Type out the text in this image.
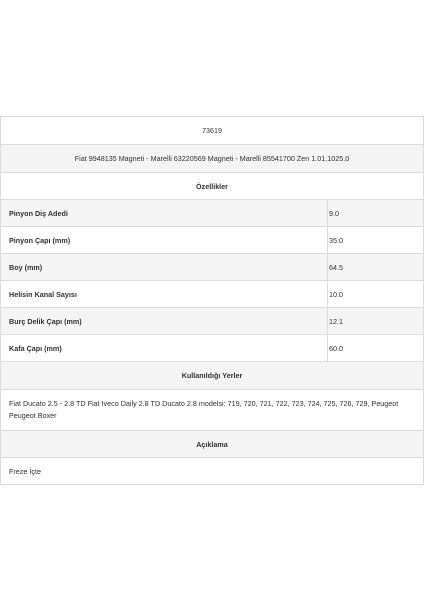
73619
Fiat 9948135 Magneti - Marelli 63220569 Magneti - Marelli 85541700 Zen 1.01.1025.0
Özellikler
Pinyon Diş Adedi	9.0
Pinyon Çapı (mm)	35.0
Boy (mm)	64.5
Helisin Kanal Sayısı	10.0
Burç Delik Çapı (mm)	12.1
Kafa Çapı (mm)	60.0
Kullanıldığı Yerler
Fiat Ducato 2.5 - 2.8 TD Fiat Iveco Daily 2.8 TD Ducato 2.8 modelsi: 719, 720, 721, 722, 723, 724, 725, 726, 729, Peugeot Peugeot Boxer
Açıklama
Freze İçte
